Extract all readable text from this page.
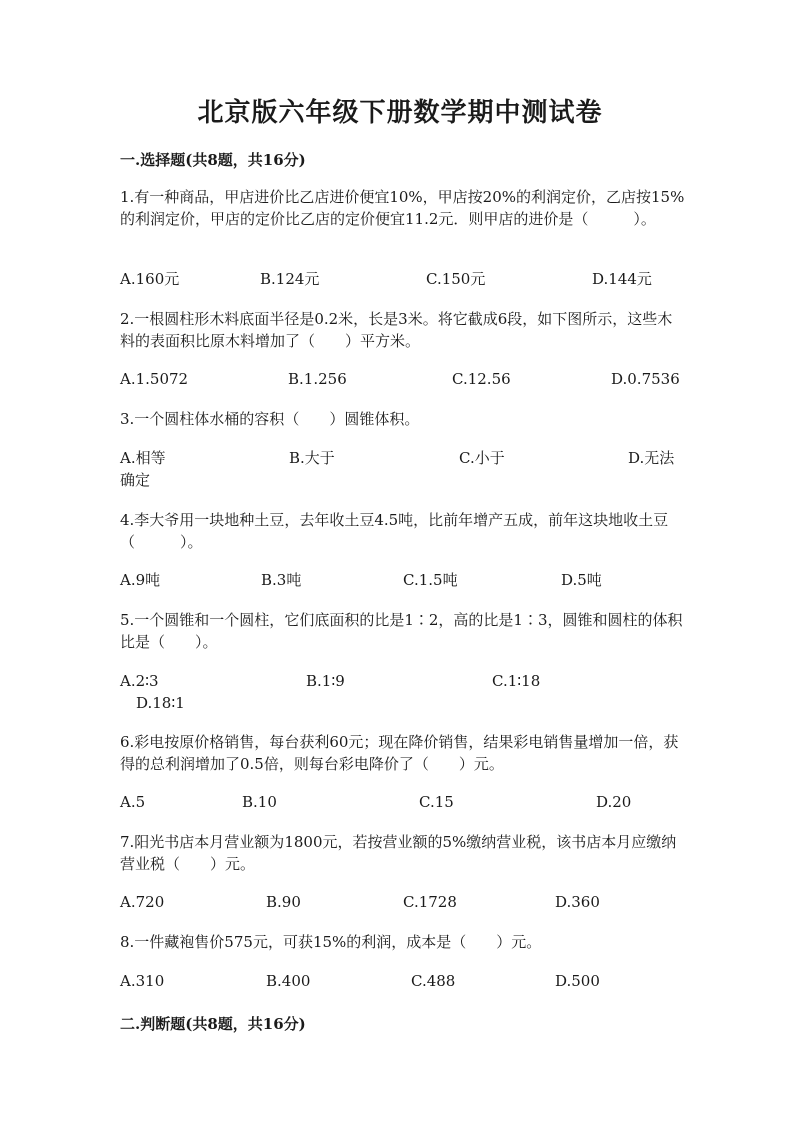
北京版六年级下册数学期中测试卷
一.选择题(共8题，共16分)
1.有一种商品，甲店进价比乙店进价便宜10%，甲店按20%的利润定价，乙店按15%的利润定价，甲店的定价比乙店的定价便宜11.2元．则甲店的进价是（　　　）。
A.160元	B.124元	C.150元	D.144元
2.一根圆柱形木料底面半径是0.2米，长是3米。将它截成6段，如下图所示，这些木料的表面积比原木料增加了（　　）平方米。
A.1.5072	B.1.256	C.12.56	D.0.7536
3.一个圆柱体水桶的容积（　　）圆锥体积。
A.相等	B.大于	C.小于	D.无法
确定
4.李大爷用一块地种土豆，去年收土豆4.5吨，比前年增产五成，前年这块地收土豆（　　　）。
A.9吨	B.3吨	C.1.5吨	D.5吨
5.一个圆锥和一个圆柱，它们底面积的比是1∶2，高的比是1∶3，圆锥和圆柱的体积比是（　　）。
A.2∶3	B.1∶9	C.1∶18
D.18∶1
6.彩电按原价格销售，每台获利60元；现在降价销售，结果彩电销售量增加一倍，获得的总利润增加了0.5倍，则每台彩电降价了（　　）元。
A.5	B.10	C.15	D.20
7.阳光书店本月营业额为1800元，若按营业额的5%缴纳营业税，该书店本月应缴纳营业税（　　）元。
A.720	B.90	C.1728	D.360
8.一件藏袍售价575元，可获15%的利润，成本是（　　）元。
A.310	B.400	C.488	D.500
二.判断题(共8题，共16分)
